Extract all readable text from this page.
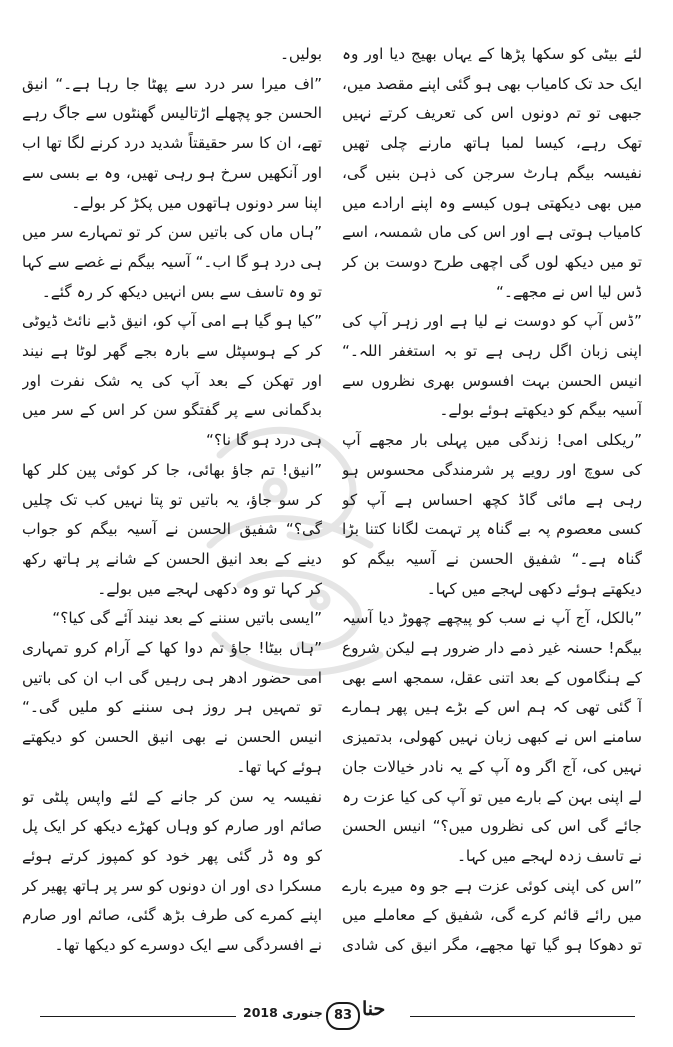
لئے بیٹی کو سکھا پڑھا کے یہاں بھیج دیا اور وہ ایک حد تک کامیاب بھی ہو گئی اپنے مقصد میں، جبھی تو تم دونوں اس کی تعریف کرتے نہیں تھک رہے، کیسا لمبا ہاتھ مارنے چلی تھیں نفیسہ بیگم ہارٹ سرجن کی ذہن بنیں گی، میں بھی دیکھتی ہوں کیسے وہ اپنے ارادے میں کامیاب ہوتی ہے اور اس کی ماں شمسہ، اسے تو میں دیکھ لوں گی اچھی طرح دوست بن کر ڈس لیا اس نے مجھے۔“

”ڈس آپ کو دوست نے لیا ہے اور زہر آپ کی اپنی زبان اگل رہی ہے تو بہ استغفر اللہ۔“ انیس الحسن بہت افسوس بھری نظروں سے آسیہ بیگم کو دیکھتے ہوئے بولے۔

”ریکلی امی! زندگی میں پہلی بار مجھے آپ کی سوچ اور رویے پر شرمندگی محسوس ہو رہی ہے مائی گاڈ کچھ احساس ہے آپ کو کسی معصوم پہ بے گناہ پر تہمت لگانا کتنا بڑا گناہ ہے۔“ شفیق الحسن نے آسیہ بیگم کو دیکھتے ہوئے دکھی لہجے میں کہا۔

”بالکل، آج آپ نے سب کو پیچھے چھوڑ دیا آسیہ بیگم! حسنہ غیر ذمے دار ضرور ہے لیکن شروع کے ہنگاموں کے بعد اتنی عقل، سمجھ اسے بھی آ گئی تھی کہ ہم اس کے بڑے ہیں پھر ہمارے سامنے اس نے کبھی زبان نہیں کھولی، بدتمیزی نہیں کی، آج اگر وہ آپ کے یہ نادر خیالات جان لے اپنی بہن کے بارے میں تو آپ کی کیا عزت رہ جائے گی اس کی نظروں میں؟“ انیس الحسن نے تاسف زدہ لہجے میں کہا۔

”اس کی اپنی کوئی عزت ہے جو وہ میرے بارے میں رائے قائم کرے گی، شفیق کے معاملے میں تو دھوکا ہو گیا تھا مجھے، مگر انیق کی شادی

بولیں۔

”اف میرا سر درد سے پھٹا جا رہا ہے۔“ انیق الحسن جو پچھلے اڑتالیس گھنٹوں سے جاگ رہے تھے، ان کا سر حقیقتاً شدید درد کرنے لگا تھا اب اور آنکھیں سرخ ہو رہی تھیں، وہ بے بسی سے اپنا سر دونوں ہاتھوں میں پکڑ کر بولے۔

”ہاں ماں کی باتیں سن کر تو تمہارے سر میں ہی درد ہو گا اب۔“ آسیہ بیگم نے غصے سے کہا تو وہ تاسف سے بس انہیں دیکھ کر رہ گئے۔

”کیا ہو گیا ہے امی آپ کو، انیق ڈبے نائٹ ڈیوٹی کر کے ہوسپٹل سے بارہ بجے گھر لوٹا ہے نیند اور تھکن کے بعد آپ کی یہ شک نفرت اور بدگمانی سے پر گفتگو سن کر اس کے سر میں ہی درد ہو گا نا؟“

”انیق! تم جاؤ بھائی، جا کر کوئی پین کلر کھا کر سو جاؤ، یہ باتیں تو پتا نہیں کب تک چلیں گی؟“ شفیق الحسن نے آسیہ بیگم کو جواب دینے کے بعد انیق الحسن کے شانے پر ہاتھ رکھ کر کہا تو وہ دکھی لہجے میں بولے۔

”ایسی باتیں سننے کے بعد نیند آئے گی کیا؟“

”ہاں بیٹا! جاؤ تم دوا کھا کے آرام کرو تمہاری امی حضور ادھر ہی رہیں گی اب ان کی باتیں تو تمہیں ہر روز ہی سننے کو ملیں گی۔“ انیس الحسن نے بھی انیق الحسن کو دیکھتے ہوئے کہا تھا۔

نفیسہ یہ سن کر جانے کے لئے واپس پلٹی تو صائم اور صارم کو وہاں کھڑے دیکھ کر ایک پل کو وہ ڈر گئی پھر خود کو کمپوز کرتے ہوئے مسکرا دی اور ان دونوں کو سر پر ہاتھ پھیر کر اپنے کمرے کی طرف بڑھ گئی، صائم اور صارم نے افسردگی سے ایک دوسرے کو دیکھا تھا۔

جنوری 2018 83 حنا
